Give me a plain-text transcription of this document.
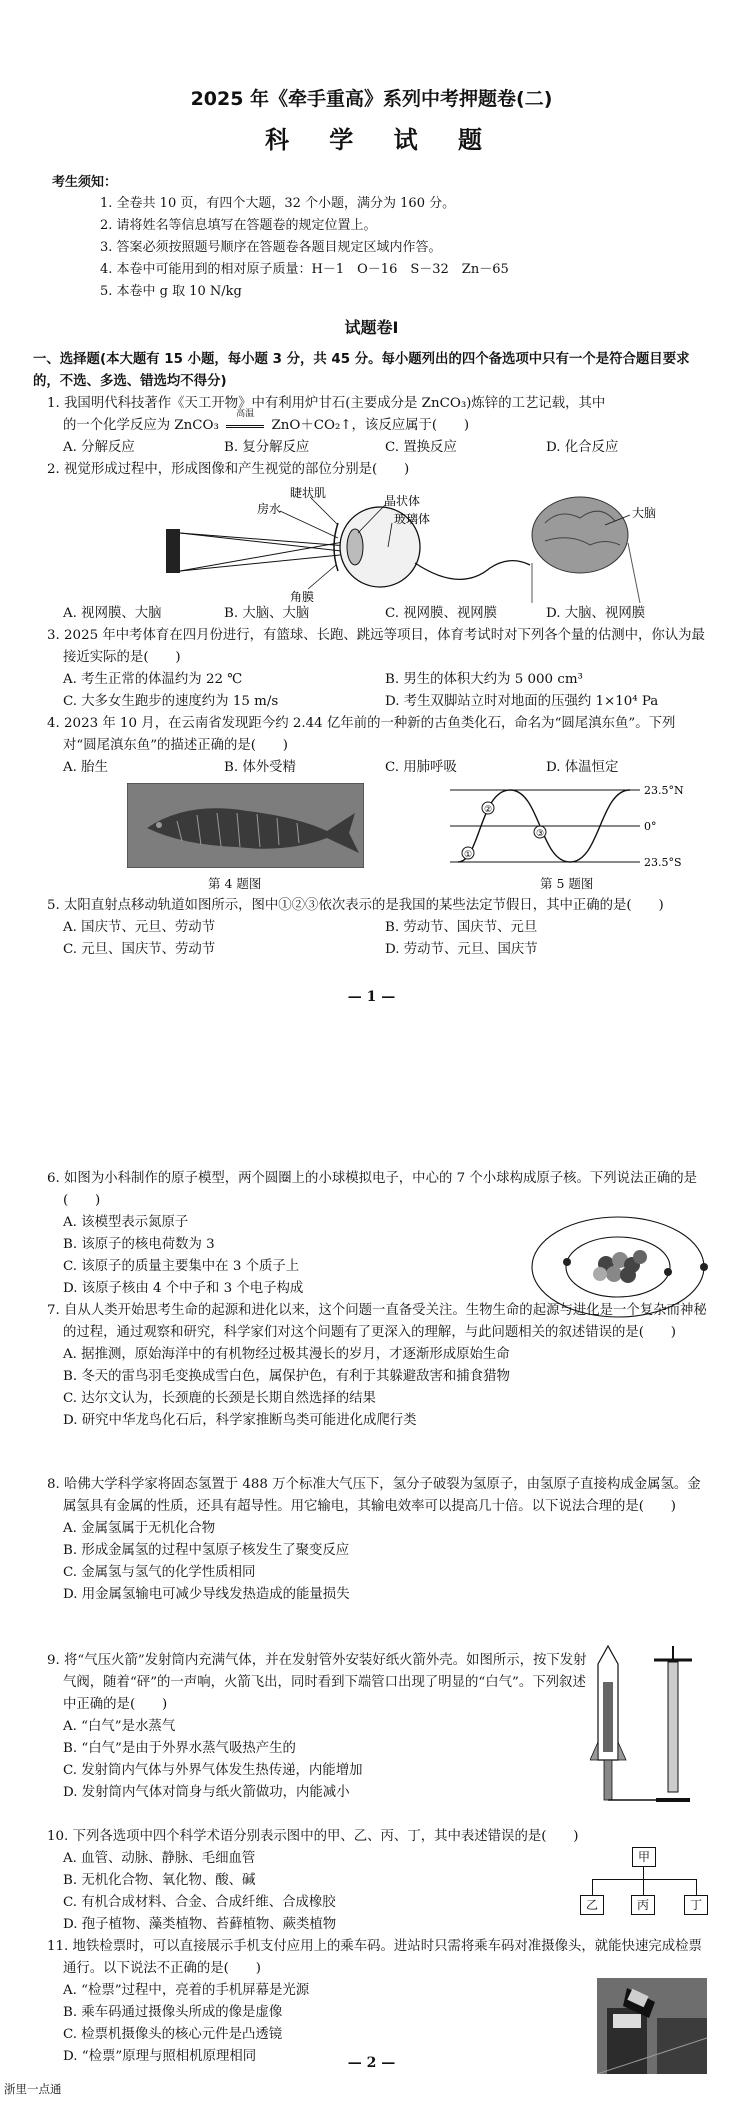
2025 年《牵手重高》系列中考押题卷(二)
科 学 试 题
考生须知：
1. 全卷共 10 页，有四个大题，32 个小题，满分为 160 分。
2. 请将姓名等信息填写在答题卷的规定位置上。
3. 答案必须按照题号顺序在答题卷各题目规定区域内作答。
4. 本卷中可能用到的相对原子质量：H－1　O－16　S－32　Zn－65
5. 本卷中 g 取 10 N/kg
试题卷Ⅰ
一、选择题(本大题有 15 小题，每小题 3 分，共 45 分。每小题列出的四个备选项中只有一个是符合题目要求的，不选、多选、错选均不得分)
1. 我国明代科技著作《天工开物》中有利用炉甘石(主要成分是 ZnCO₃)炼锌的工艺记载，其中
的一个化学反应为 ZnCO₃
高温
ZnO＋CO₂↑，该反应属于(　　)
A. 分解反应	B. 复分解反应	C. 置换反应	D. 化合反应
2. 视觉形成过程中，形成图像和产生视觉的部位分别是(　　)
睫状肌
房水
晶状体
玻璃体
角膜
大脑
A. 视网膜、大脑	B. 大脑、大脑	C. 视网膜、视网膜	D. 大脑、视网膜
3. 2025 年中考体育在四月份进行，有篮球、长跑、跳远等项目，体育考试时对下列各个量的估测中，你认为最接近实际的是(　　)
A. 考生正常的体温约为 22 ℃	B. 男生的体积大约为 5 000 cm³
C. 大多女生跑步的速度约为 15 m/s	D. 考生双脚站立时对地面的压强约 1×10⁴ Pa
4. 2023 年 10 月，在云南省发现距今约 2.44 亿年前的一种新的古鱼类化石，命名为“圆尾滇东鱼”。下列对“圆尾滇东鱼”的描述正确的是(　　)
A. 胎生	B. 体外受精	C. 用肺呼吸	D. 体温恒定
第 4 题图
①
②
③
23.5°N
0°
23.5°S
第 5 题图
5. 太阳直射点移动轨道如图所示，图中①②③依次表示的是我国的某些法定节假日，其中正确的是(　　)
A. 国庆节、元旦、劳动节	B. 劳动节、国庆节、元旦
C. 元旦、国庆节、劳动节	D. 劳动节、元旦、国庆节
— 1 —
6. 如图为小科制作的原子模型，两个圆圈上的小球模拟电子，中心的 7 个小球构成原子核。下列说法正确的是(　　)
A. 该模型表示氮原子
B. 该原子的核电荷数为 3
C. 该原子的质量主要集中在 3 个质子上
D. 该原子核由 4 个中子和 3 个电子构成
7. 自从人类开始思考生命的起源和进化以来，这个问题一直备受关注。生物生命的起源与进化是一个复杂而神秘的过程，通过观察和研究，科学家们对这个问题有了更深入的理解，与此问题相关的叙述错误的是(　　)
A. 据推测，原始海洋中的有机物经过极其漫长的岁月，才逐渐形成原始生命
B. 冬天的雷鸟羽毛变换成雪白色，属保护色，有利于其躲避敌害和捕食猎物
C. 达尔文认为，长颈鹿的长颈是长期自然选择的结果
D. 研究中华龙鸟化石后，科学家推断鸟类可能进化成爬行类
8. 哈佛大学科学家将固态氢置于 488 万个标准大气压下，氢分子破裂为氢原子，由氢原子直接构成金属氢。金属氢具有金属的性质，还具有超导性。用它输电，其输电效率可以提高几十倍。以下说法合理的是(　　)
A. 金属氢属于无机化合物
B. 形成金属氢的过程中氢原子核发生了聚变反应
C. 金属氢与氢气的化学性质相同
D. 用金属氢输电可减少导线发热造成的能量损失
9. 将“气压火箭”发射筒内充满气体，并在发射管外安装好纸火箭外壳。如图所示，按下发射气阀，随着“砰”的一声响，火箭飞出，同时看到下端管口出现了明显的“白气”。下列叙述中正确的是(　　)
A. “白气”是水蒸气
B. “白气”是由于外界水蒸气吸热产生的
C. 发射筒内气体与外界气体发生热传递，内能增加
D. 发射筒内气体对筒身与纸火箭做功，内能减小
10. 下列各选项中四个科学术语分别表示图中的甲、乙、丙、丁，其中表述错误的是(　　)
A. 血管、动脉、静脉、毛细血管
B. 无机化合物、氧化物、酸、碱
C. 有机合成材料、合金、合成纤维、合成橡胶
D. 孢子植物、藻类植物、苔藓植物、蕨类植物
甲
乙	丙	丁
11. 地铁检票时，可以直接展示手机支付应用上的乘车码。进站时只需将乘车码对准摄像头，就能快速完成检票通行。以下说法不正确的是(　　)
A. “检票”过程中，亮着的手机屏幕是光源
B. 乘车码通过摄像头所成的像是虚像
C. 检票机摄像头的核心元件是凸透镜
D. “检票”原理与照相机原理相同	— 2 —
浙里一点通
